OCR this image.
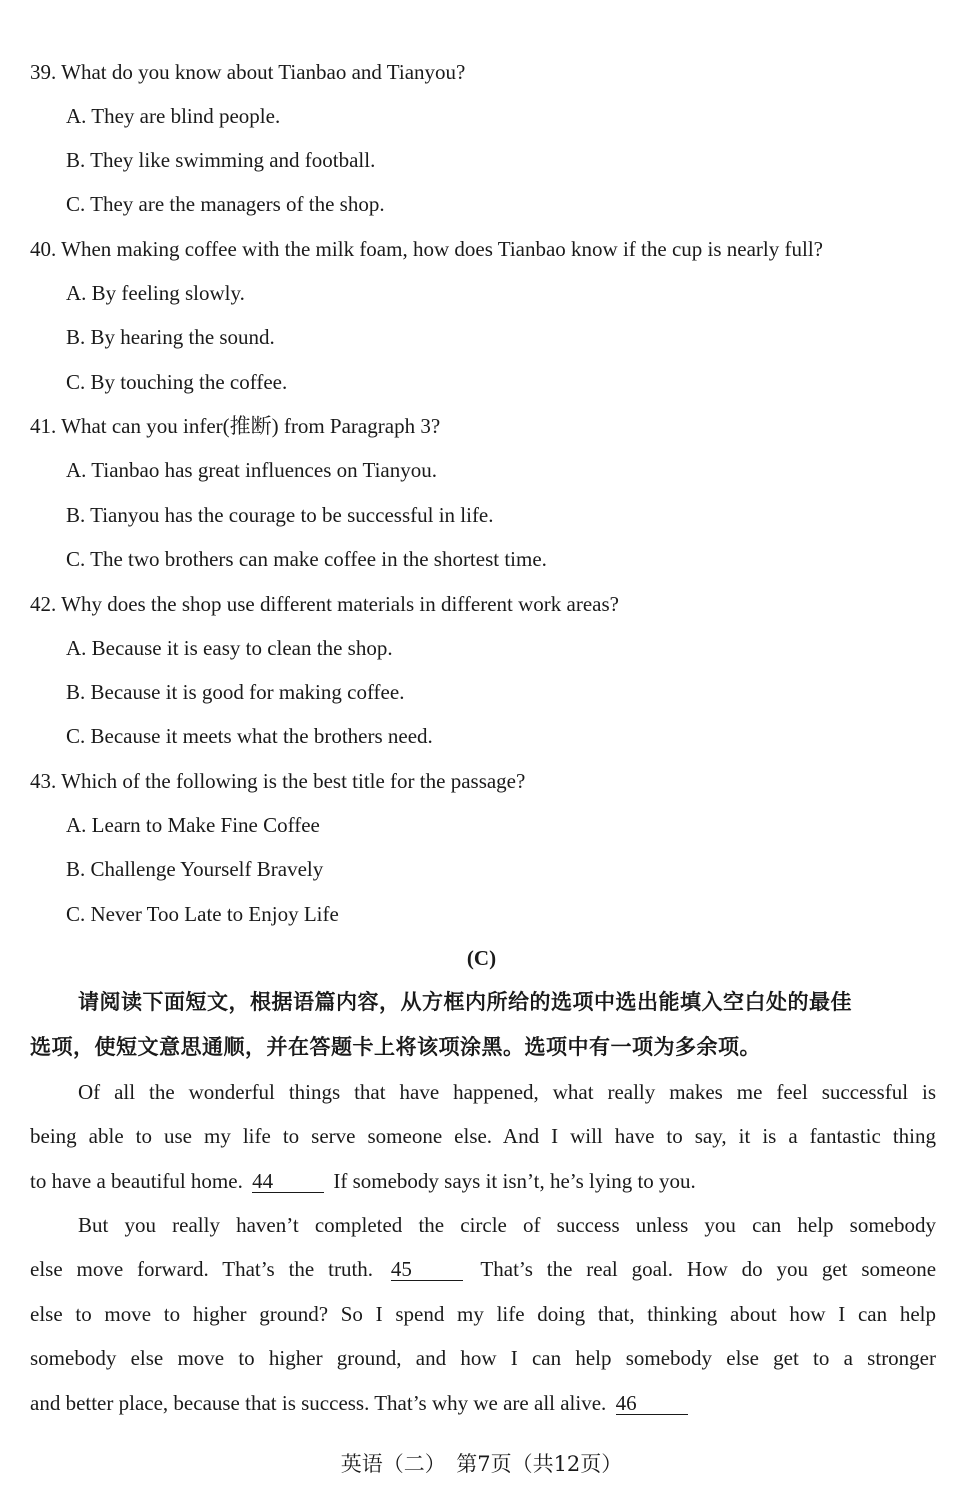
39. What do you know about Tianbao and Tianyou?
A. They are blind people.
B. They like swimming and football.
C. They are the managers of the shop.
40. When making coffee with the milk foam, how does Tianbao know if the cup is nearly full?
A. By feeling slowly.
B. By hearing the sound.
C. By touching the coffee.
41. What can you infer(推断) from Paragraph 3?
A. Tianbao has great influences on Tianyou.
B. Tianyou has the courage to be successful in life.
C. The two brothers can make coffee in the shortest time.
42. Why does the shop use different materials in different work areas?
A. Because it is easy to clean the shop.
B. Because it is good for making coffee.
C. Because it meets what the brothers need.
43. Which of the following is the best title for the passage?
A. Learn to Make Fine Coffee
B. Challenge Yourself Bravely
C. Never Too Late to Enjoy Life
(C)
请阅读下面短文，根据语篇内容，从方框内所给的选项中选出能填入空白处的最佳
选项，使短文意思通顺，并在答题卡上将该项涂黑。选项中有一项为多余项。
Of all the wonderful things that have happened, what really makes me feel successful is
being able to use my life to serve someone else. And I will have to say, it is a fantastic thing
to have a beautiful home. 44	If somebody says it isn’t, he’s lying to you.
But you really haven’t completed the circle of success unless you can help somebody
else move forward. That’s the truth. 45	That’s the real goal. How do you get someone
else to move to higher ground? So I spend my life doing that, thinking about how I can help
somebody else move to higher ground, and how I can help somebody else get to a stronger
and better place, because that is success. That’s why we are all alive. 46
英语（二）　第7页（共12页）
